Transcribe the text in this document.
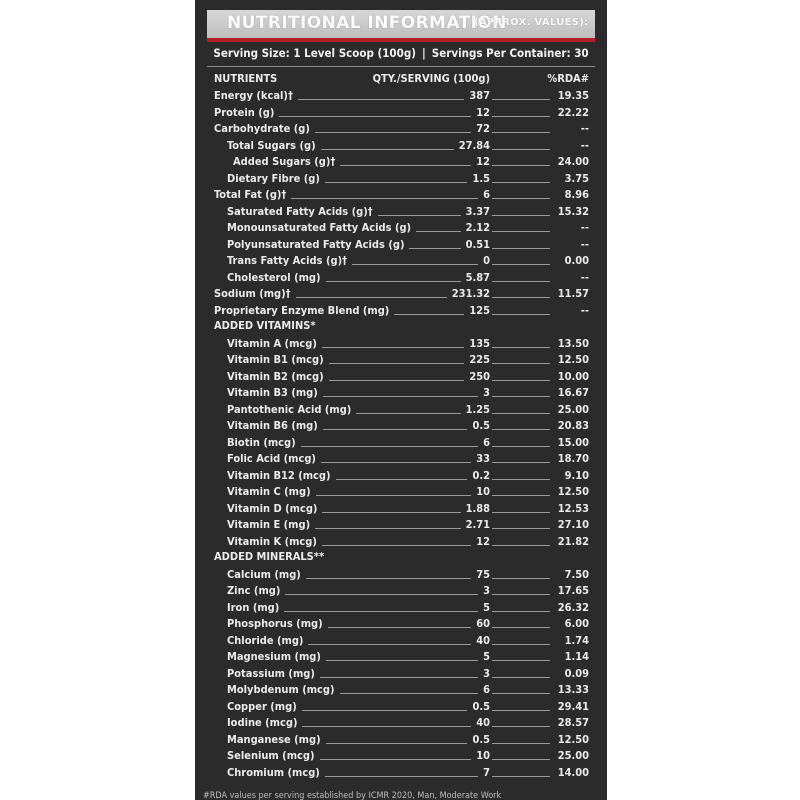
NUTRITIONAL INFORMATION
(APPROX. VALUES):
Serving Size: 1 Level Scoop (100g) | Servings Per Container: 30
NUTRIENTS	QTY./SERVING (100g)	%RDA#
Energy (kcal)†	387	19.35
Protein (g)	12	22.22
Carbohydrate (g)	72	--
Total Sugars (g)	27.84	--
Added Sugars (g)†	12	24.00
Dietary Fibre (g)	1.5	3.75
Total Fat (g)†	6	8.96
Saturated Fatty Acids (g)†	3.37	15.32
Monounsaturated Fatty Acids (g)	2.12	--
Polyunsaturated Fatty Acids (g)	0.51	--
Trans Fatty Acids (g)†	0	0.00
Cholesterol (mg)	5.87	--
Sodium (mg)†	231.32	11.57
Proprietary Enzyme Blend (mg)	125	--
ADDED VITAMINS*
Vitamin A (mcg)	135	13.50
Vitamin B1 (mcg)	225	12.50
Vitamin B2 (mcg)	250	10.00
Vitamin B3 (mg)	3	16.67
Pantothenic Acid (mg)	1.25	25.00
Vitamin B6 (mg)	0.5	20.83
Biotin (mcg)	6	15.00
Folic Acid (mcg)	33	18.70
Vitamin B12 (mcg)	0.2	9.10
Vitamin C (mg)	10	12.50
Vitamin D (mcg)	1.88	12.53
Vitamin E (mg)	2.71	27.10
Vitamin K (mcg)	12	21.82
ADDED MINERALS**
Calcium (mg)	75	7.50
Zinc (mg)	3	17.65
Iron (mg)	5	26.32
Phosphorus (mg)	60	6.00
Chloride (mg)	40	1.74
Magnesium (mg)	5	1.14
Potassium (mg)	3	0.09
Molybdenum (mcg)	6	13.33
Copper (mg)	0.5	29.41
Iodine (mcg)	40	28.57
Manganese (mg)	0.5	12.50
Selenium (mcg)	10	25.00
Chromium (mcg)	7	14.00
#RDA values per serving established by ICMR 2020, Man, Moderate Work
